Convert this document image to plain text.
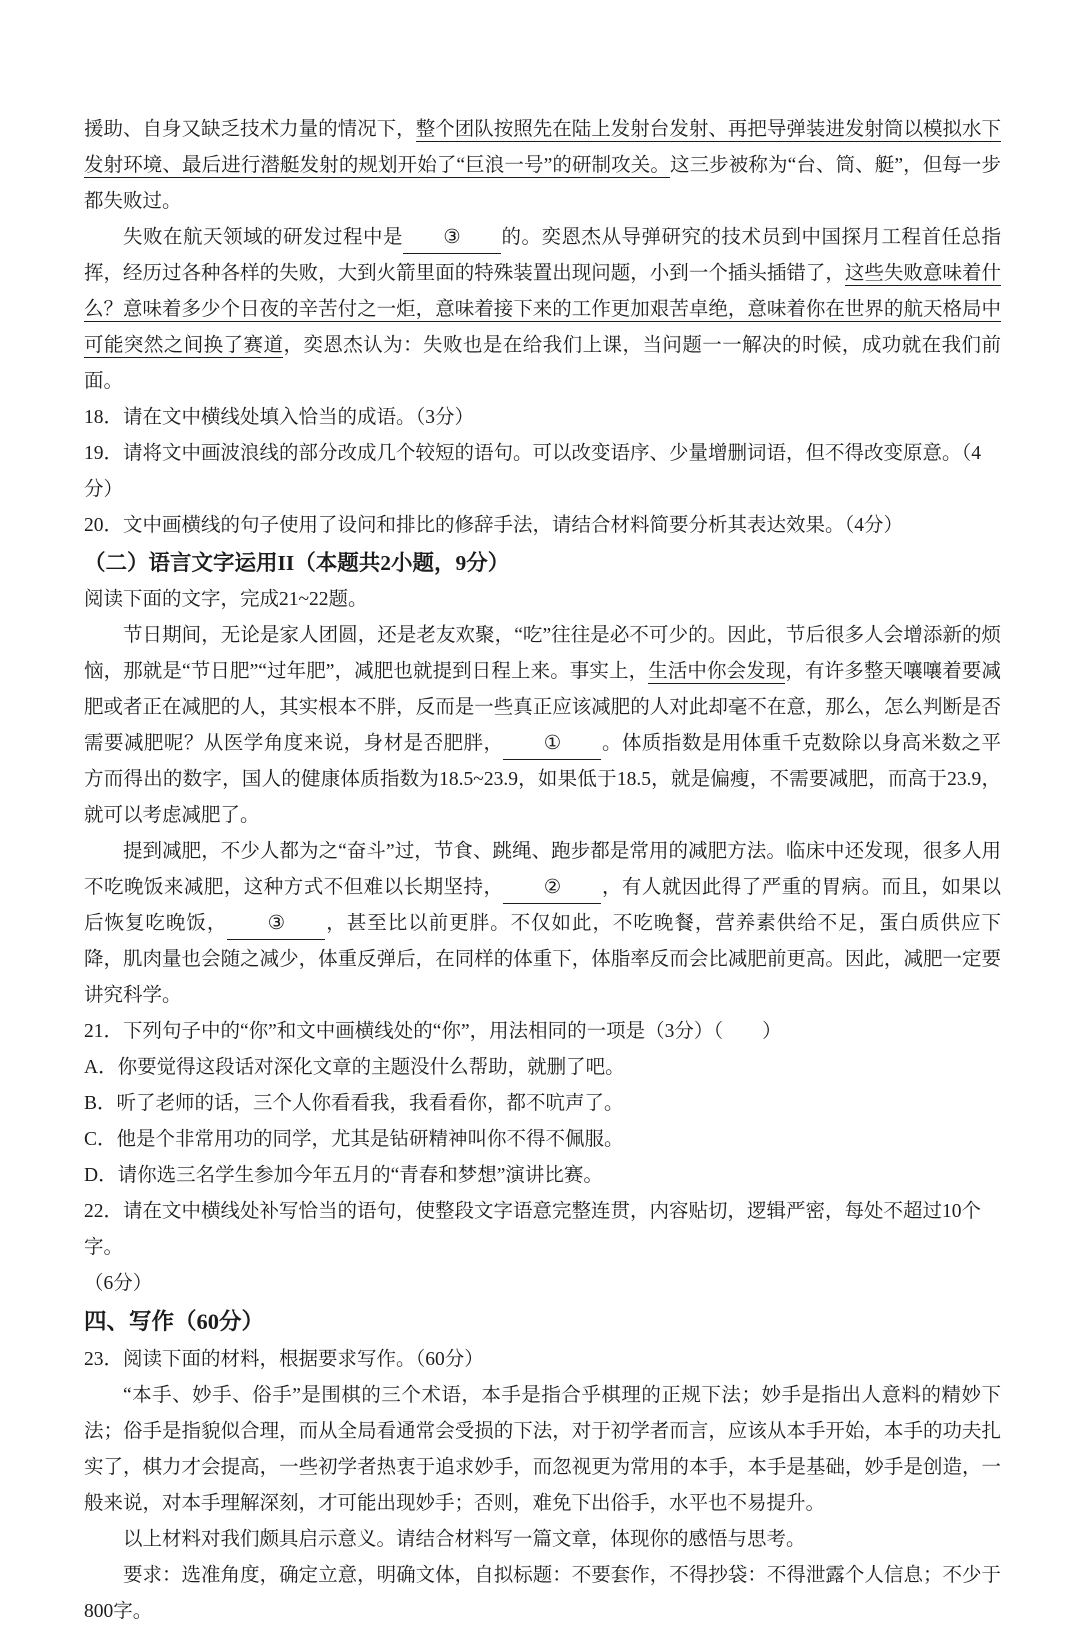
援助、自身又缺乏技术力量的情况下，整个团队按照先在陆上发射台发射、再把导弹装进发射筒以模拟水下发射环境、最后进行潜艇发射的规划开始了“巨浪一号”的研制攻关。这三步被称为“台、筒、艇”，但每一步都失败过。

失败在航天领域的研发过程中是 ③ 的。奕恩杰从导弹研究的技术员到中国探月工程首任总指挥，经历过各种各样的失败，大到火箭里面的特殊装置出现问题，小到一个插头插错了，这些失败意味着什么？意味着多少个日夜的辛苦付之一炬，意味着接下来的工作更加艰苦卓绝，意味着你在世界的航天格局中可能突然之间换了赛道，奕恩杰认为：失败也是在给我们上课，当问题一一解决的时候，成功就在我们前面。

18．请在文中横线处填入恰当的成语。（3分）

19．请将文中画波浪线的部分改成几个较短的语句。可以改变语序、少量增删词语，但不得改变原意。（4分）

20．文中画横线的句子使用了设问和排比的修辞手法，请结合材料简要分析其表达效果。（4分）

（二）语言文字运用II（本题共2小题，9分）

阅读下面的文字，完成21~22题。

节日期间，无论是家人团圆，还是老友欢聚，“吃”往往是必不可少的。因此，节后很多人会增添新的烦恼，那就是“节日肥”“过年肥”，减肥也就提到日程上来。事实上，生活中你会发现，有许多整天嚷嚷着要减肥或者正在减肥的人，其实根本不胖，反而是一些真正应该减肥的人对此却毫不在意，那么，怎么判断是否需要减肥呢？从医学角度来说，身材是否肥胖， ① 。体质指数是用体重千克数除以身高米数之平方而得出的数字，国人的健康体质指数为18.5~23.9，如果低于18.5，就是偏瘦，不需要减肥，而高于23.9，就可以考虑减肥了。

提到减肥，不少人都为之“奋斗”过，节食、跳绳、跑步都是常用的减肥方法。临床中还发现，很多人用不吃晚饭来减肥，这种方式不但难以长期坚持， ② ，有人就因此得了严重的胃病。而且，如果以后恢复吃晚饭， ③ ，甚至比以前更胖。不仅如此，不吃晚餐，营养素供给不足，蛋白质供应下降，肌肉量也会随之减少，体重反弹后，在同样的体重下，体脂率反而会比减肥前更高。因此，减肥一定要讲究科学。

21．下列句子中的“你”和文中画横线处的“你”，用法相同的一项是（3分）（　　）

A．你要觉得这段话对深化文章的主题没什么帮助，就删了吧。

B．听了老师的话，三个人你看看我，我看看你，都不吭声了。

C．他是个非常用功的同学，尤其是钻研精神叫你不得不佩服。

D．请你选三名学生参加今年五月的“青春和梦想”演讲比赛。

22．请在文中横线处补写恰当的语句，使整段文字语意完整连贯，内容贴切，逻辑严密，每处不超过10个字。

（6分）

四、写作（60分）

23．阅读下面的材料，根据要求写作。（60分）

“本手、妙手、俗手”是围棋的三个术语，本手是指合乎棋理的正规下法；妙手是指出人意料的精妙下法；俗手是指貌似合理，而从全局看通常会受损的下法，对于初学者而言，应该从本手开始，本手的功夫扎实了，棋力才会提高，一些初学者热衷于追求妙手，而忽视更为常用的本手，本手是基础，妙手是创造，一般来说，对本手理解深刻，才可能出现妙手；否则，难免下出俗手，水平也不易提升。

以上材料对我们颇具启示意义。请结合材料写一篇文章，体现你的感悟与思考。

要求：选准角度，确定立意，明确文体，自拟标题：不要套作，不得抄袋：不得泄露个人信息；不少于800字。
